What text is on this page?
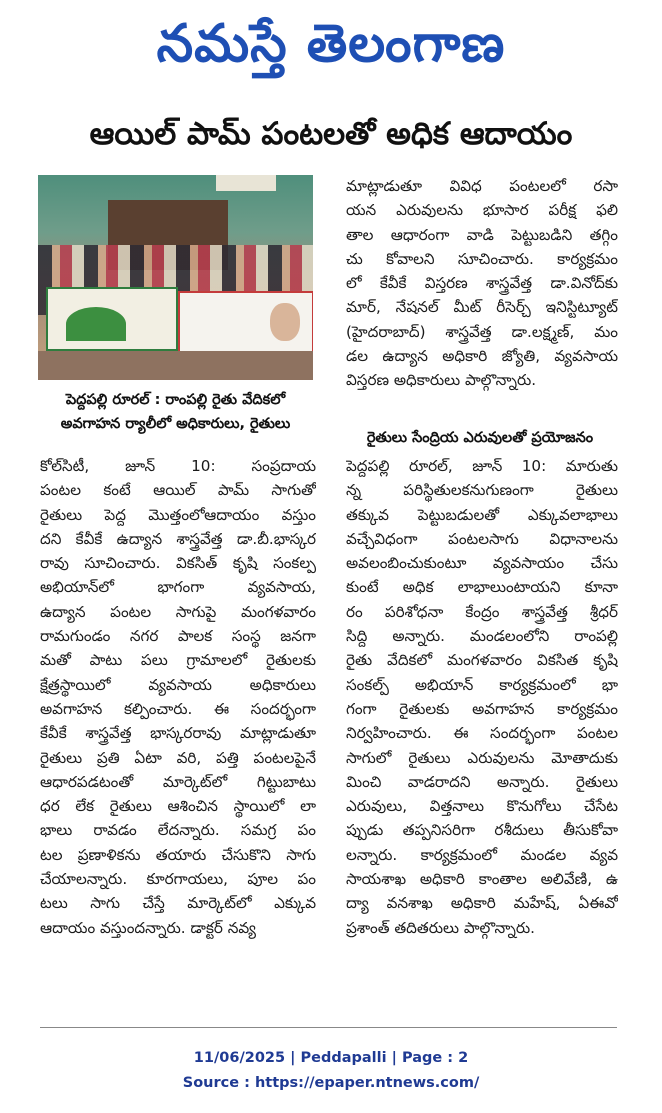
నమస్తే తెలంగాణ
ఆయిల్ పామ్ పంటలతో అధిక ఆదాయం
పెద్దపల్లి రూరల్ : రాంపల్లి రైతు వేదికలో
అవగాహన ర్యాలీలో అధికారులు, రైతులు
మాట్లాడుతూ వివిధ పంటలలో రసా
యన ఎరువులను భూసార పరీక్ష ఫలి
తాల ఆధారంగా వాడి పెట్టుబడిని తగ్గిం
చు కోవాలని సూచించారు. కార్యక్రమం
లో కేవీకే విస్తరణ శాస్త్రవేత్త డా.వినోద్‌కు
మార్, నేషనల్ మీట్ రీసెర్చ్ ఇనిస్టిట్యూట్
(హైదరాబాద్) శాస్త్రవేత్త డా.లక్ష్మణ్, మం
డల ఉద్యాన అధికారి జ్యోతి, వ్యవసాయ
విస్తరణ అధికారులు పాల్గొన్నారు.
రైతులు సేంద్రియ ఎరువులతో ప్రయోజనం
కోల్‌సిటీ, జూన్ 10: సంప్రదాయ
పంటల కంటే ఆయిల్ పామ్ సాగుతో
రైతులు పెద్ద మొత్తంలోఆదాయం వస్తుం
దని కేవీకే ఉద్యాన శాస్త్రవేత్త డా.బీ.భాస్కర
రావు సూచించారు. వికసిత్ కృషి సంకల్ప
అభియాన్‌లో భాగంగా వ్యవసాయ,
ఉద్యాన పంటల సాగుపై మంగళవారం
రామగుండం నగర పాలక సంస్థ జనగా
మతో పాటు పలు గ్రామాలలో రైతులకు
క్షేత్రస్థాయిలో వ్యవసాయ అధికారులు
అవగాహన కల్పించారు. ఈ సందర్భంగా
కేవీకే శాస్త్రవేత్త భాస్కరరావు మాట్లాడుతూ
రైతులు ప్రతి ఏటా వరి, పత్తి పంటలపైనే
ఆధారపడటంతో మార్కెట్‌లో గిట్టుబాటు
ధర లేక రైతులు ఆశించిన స్థాయిలో లా
భాలు రావడం లేదన్నారు. సమగ్ర పం
టల ప్రణాళికను తయారు చేసుకొని సాగు
చేయాలన్నారు. కూరగాయలు, పూల పం
టలు సాగు చేస్తే మార్కెట్‌లో ఎక్కువ
ఆదాయం వస్తుందన్నారు. డాక్టర్ నవ్య
పెద్దపల్లి రూరల్, జూన్ 10: మారుతు
న్న పరిస్థితులకనుగుణంగా రైతులు
తక్కువ పెట్టుబడులతో ఎక్కువలాభాలు
వచ్చేవిధంగా పంటలసాగు విధానాలను
అవలంబించుకుంటూ వ్యవసాయం చేసు
కుంటే అధిక లాభాలుంటాయని కూనా
రం పరిశోధనా కేంద్రం శాస్త్రవేత్త శ్రీధర్
సిద్ది అన్నారు. మండలంలోని రాంపల్లి
రైతు వేదికలో మంగళవారం వికసిత కృషి
సంకల్ప్ అభియాన్ కార్యక్రమంలో భా
గంగా రైతులకు అవగాహన కార్యక్రమం
నిర్వహించారు. ఈ సందర్భంగా పంటల
సాగులో రైతులు ఎరువులను మోతాదుకు
మించి వాడరాదని అన్నారు. రైతులు
ఎరువులు, విత్తనాలు కొనుగోలు చేసేట
ప్పుడు తప్పనిసరిగా రశీదులు తీసుకోవా
లన్నారు. కార్యక్రమంలో మండల వ్యవ
సాయశాఖ అధికారి కాంతాల అలివేణి, ఉ
ద్యా వనశాఖ అధికారి మహేష్, ఏఈవో
ప్రశాంత్ తదితరులు పాల్గొన్నారు.
11/06/2025 | Peddapalli | Page : 2
Source : https://epaper.ntnews.com/
